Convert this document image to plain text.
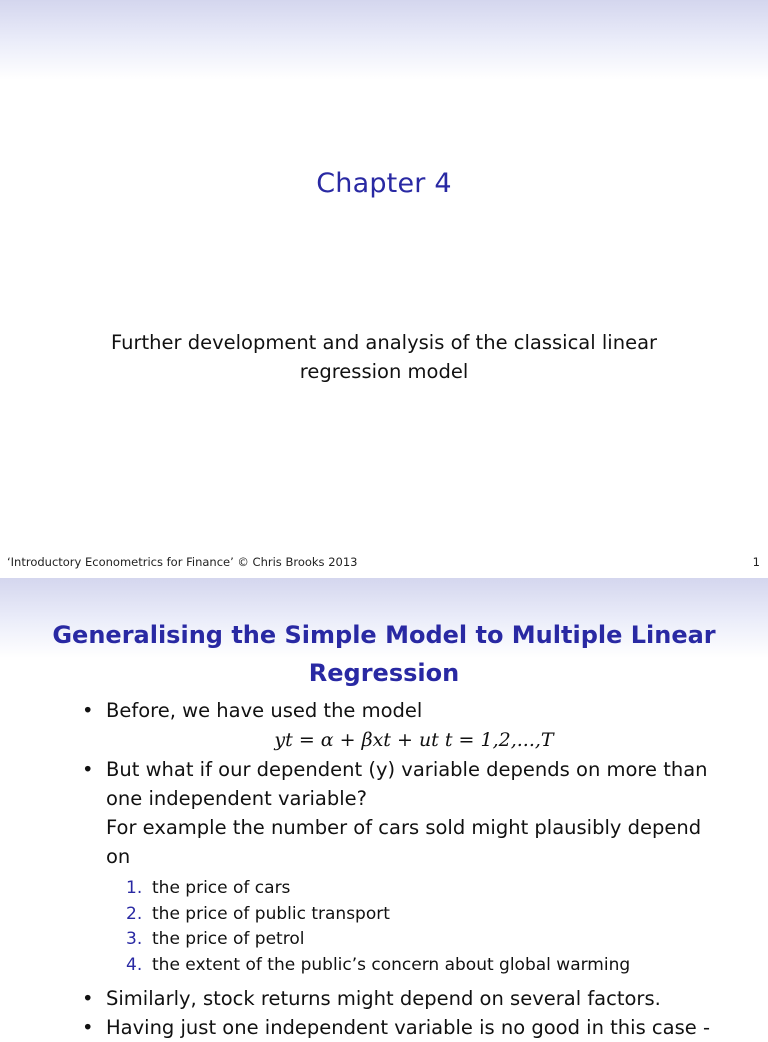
Chapter 4
Further development and analysis of the classical linear regression model
‘Introductory Econometrics for Finance’ © Chris Brooks 2013	1
Generalising the Simple Model to Multiple Linear Regression
• Before, we have used the model
yt = α + βxt + ut t = 1,2,...,T
• But what if our dependent (y) variable depends on more than one independent variable?
For example the number of cars sold might plausibly depend on
1. the price of cars
2. the price of public transport
3. the price of petrol
4. the extent of the public’s concern about global warming
• Similarly, stock returns might depend on several factors.
• Having just one independent variable is no good in this case -
